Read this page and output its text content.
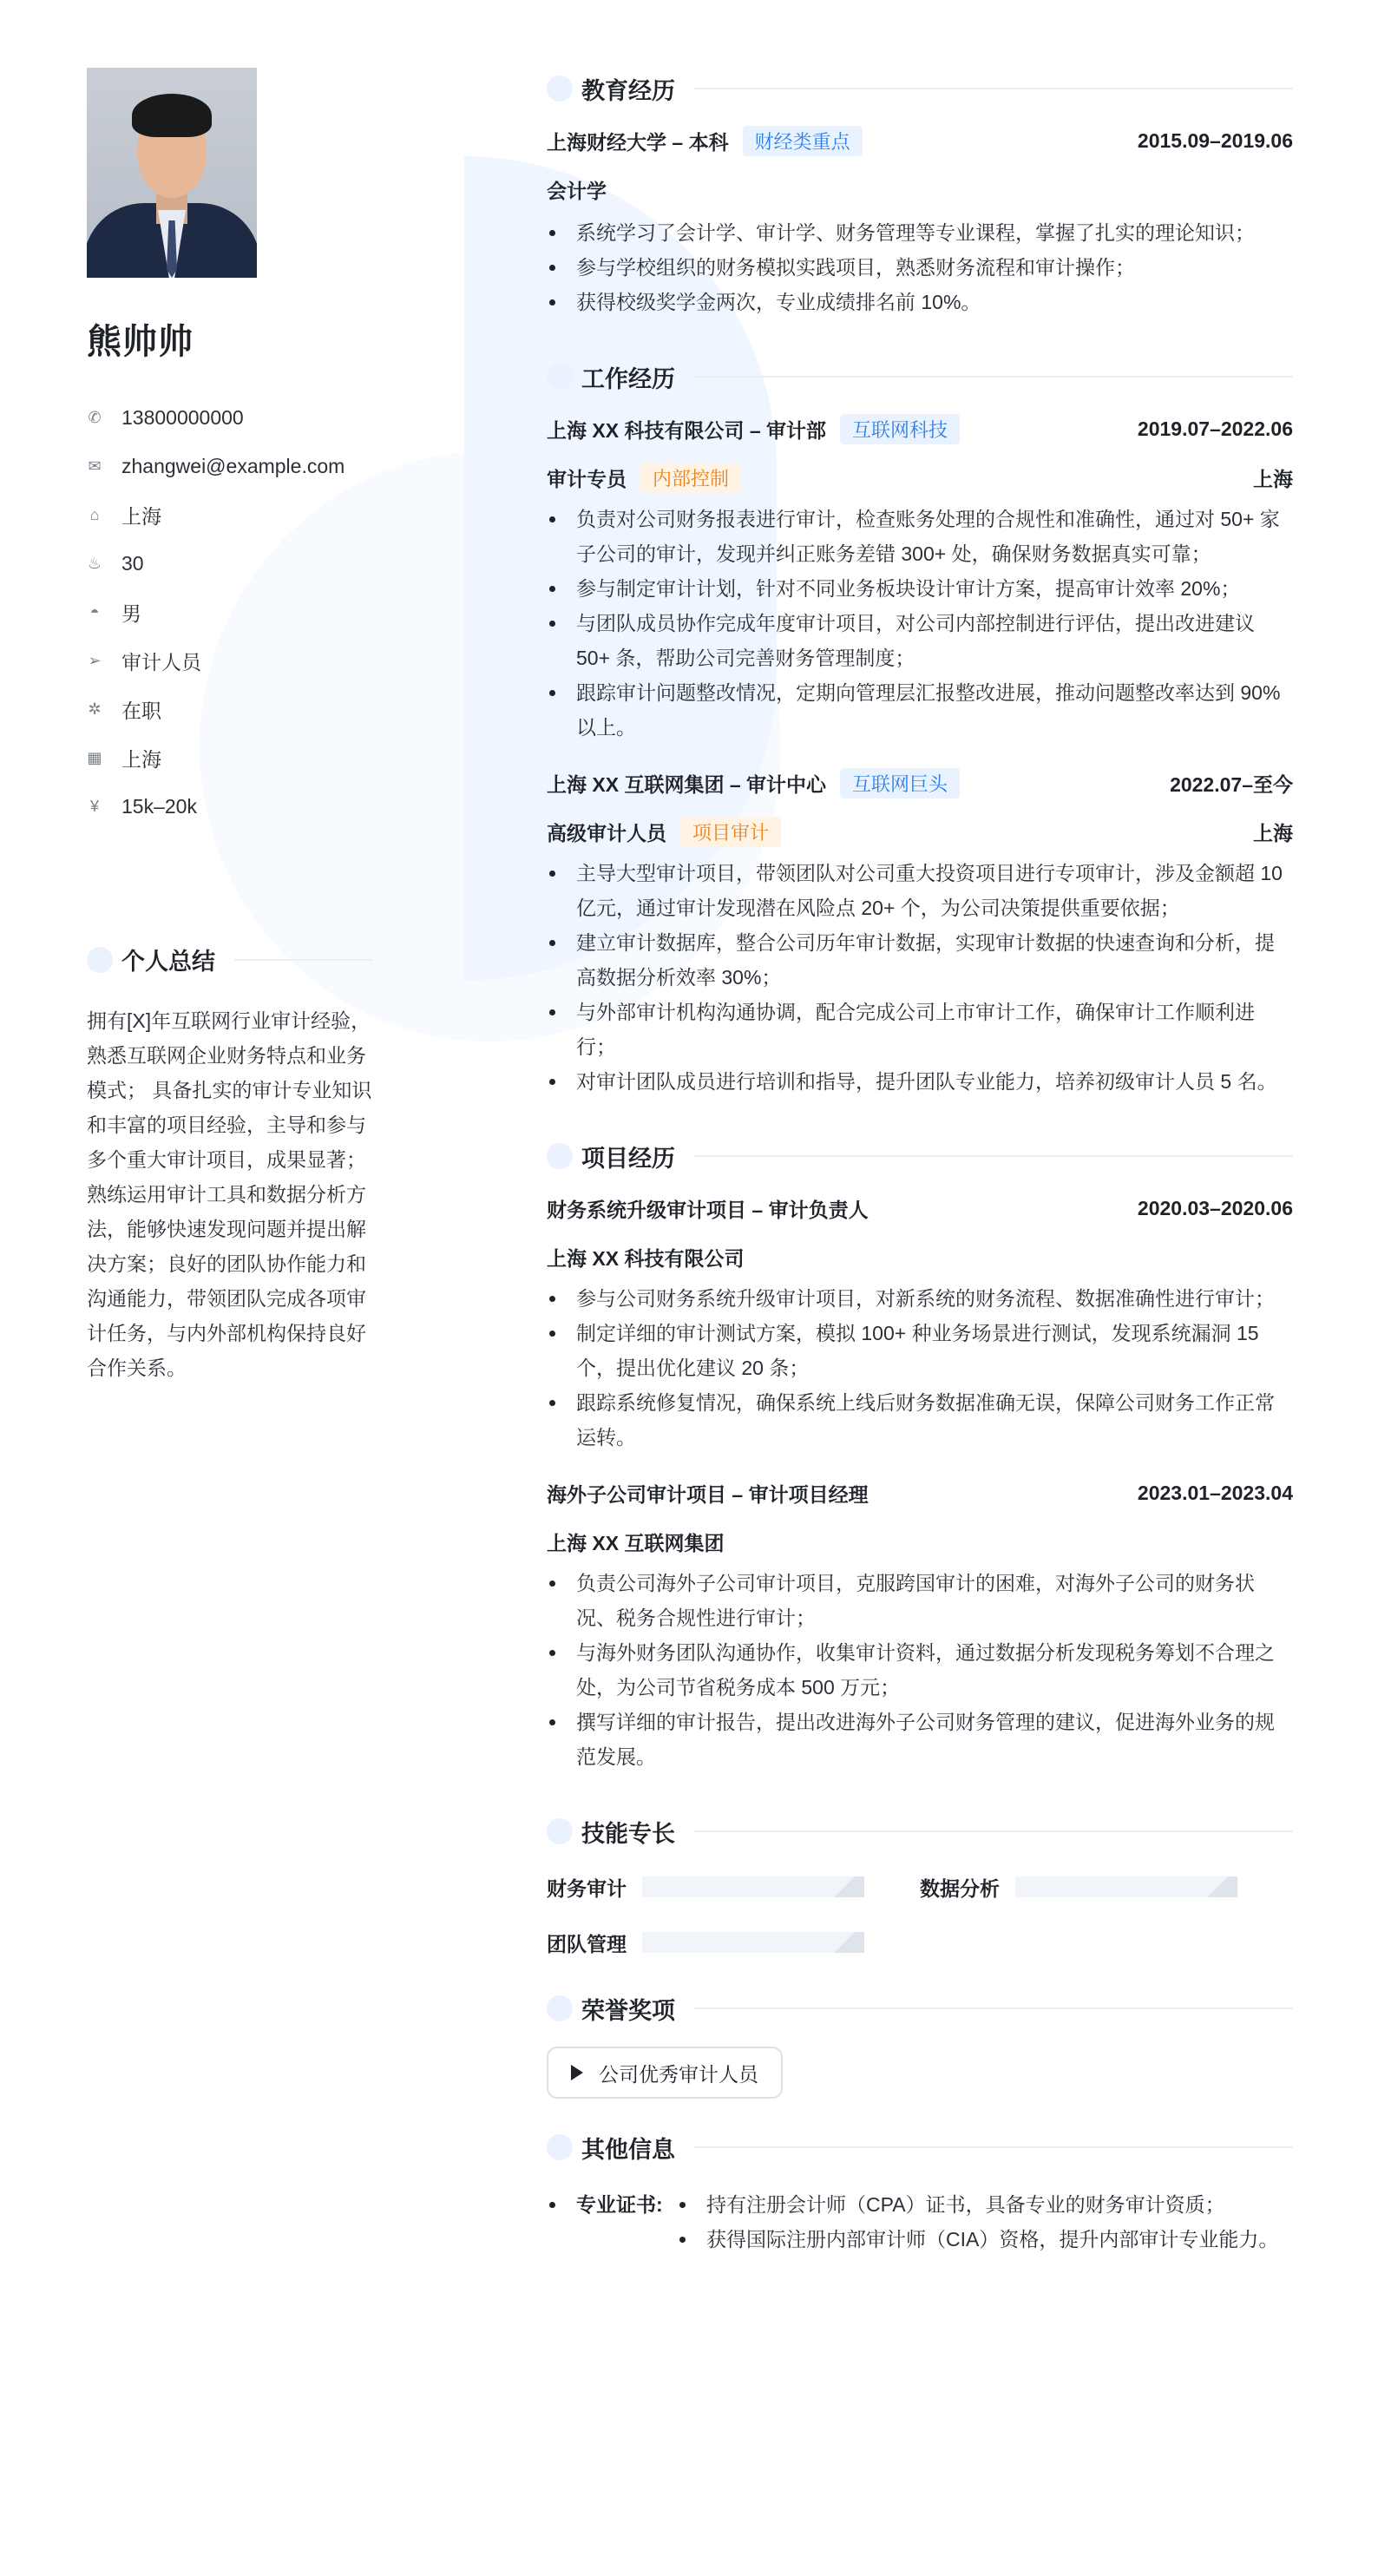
熊帅帅
✆ 13800000000
✉ zhangwei@example.com
⌂ 上海
♨ 30
◓ 男
➢ 审计人员
✲ 在职
▦ 上海
¥ 15k–20k
个人总结
拥有[X]年互联网行业审计经验，熟悉互联网企业财务特点和业务模式； 具备扎实的审计专业知识和丰富的项目经验，主导和参与多个重大审计项目，成果显著； 熟练运用审计工具和数据分析方法，能够快速发现问题并提出解决方案；良好的团队协作能力和沟通能力，带领团队完成各项审计任务，与内外部机构保持良好合作关系。
教育经历
上海财经大学 – 本科	财经类重点	2015.09–2019.06
会计学
系统学习了会计学、审计学、财务管理等专业课程，掌握了扎实的理论知识；
参与学校组织的财务模拟实践项目，熟悉财务流程和审计操作；
获得校级奖学金两次，专业成绩排名前 10%。
工作经历
上海 XX 科技有限公司 – 审计部	互联网科技	2019.07–2022.06
审计专员	内部控制	上海
负责对公司财务报表进行审计，检查账务处理的合规性和准确性，通过对 50+ 家子公司的审计，发现并纠正账务差错 300+ 处，确保财务数据真实可靠；
参与制定审计计划，针对不同业务板块设计审计方案，提高审计效率 20%；
与团队成员协作完成年度审计项目，对公司内部控制进行评估，提出改进建议 50+ 条，帮助公司完善财务管理制度；
跟踪审计问题整改情况，定期向管理层汇报整改进展，推动问题整改率达到 90%以上。
上海 XX 互联网集团 – 审计中心	互联网巨头	2022.07–至今
高级审计人员	项目审计	上海
主导大型审计项目，带领团队对公司重大投资项目进行专项审计，涉及金额超 10 亿元，通过审计发现潜在风险点 20+ 个，为公司决策提供重要依据；
建立审计数据库，整合公司历年审计数据，实现审计数据的快速查询和分析，提高数据分析效率 30%；
与外部审计机构沟通协调，配合完成公司上市审计工作，确保审计工作顺利进行；
对审计团队成员进行培训和指导，提升团队专业能力，培养初级审计人员 5 名。
项目经历
财务系统升级审计项目 – 审计负责人	2020.03–2020.06
上海 XX 科技有限公司
参与公司财务系统升级审计项目，对新系统的财务流程、数据准确性进行审计；
制定详细的审计测试方案，模拟 100+ 种业务场景进行测试，发现系统漏洞 15 个，提出优化建议 20 条；
跟踪系统修复情况，确保系统上线后财务数据准确无误，保障公司财务工作正常运转。
海外子公司审计项目 – 审计项目经理	2023.01–2023.04
上海 XX 互联网集团
负责公司海外子公司审计项目，克服跨国审计的困难，对海外子公司的财务状况、税务合规性进行审计；
与海外财务团队沟通协作，收集审计资料，通过数据分析发现税务筹划不合理之处，为公司节省税务成本 500 万元；
撰写详细的审计报告，提出改进海外子公司财务管理的建议，促进海外业务的规范发展。
技能专长
财务审计	数据分析
团队管理
荣誉奖项
公司优秀审计人员
其他信息
专业证书:	持有注册会计师（CPA）证书，具备专业的财务审计资质；
获得国际注册内部审计师（CIA）资格，提升内部审计专业能力。
